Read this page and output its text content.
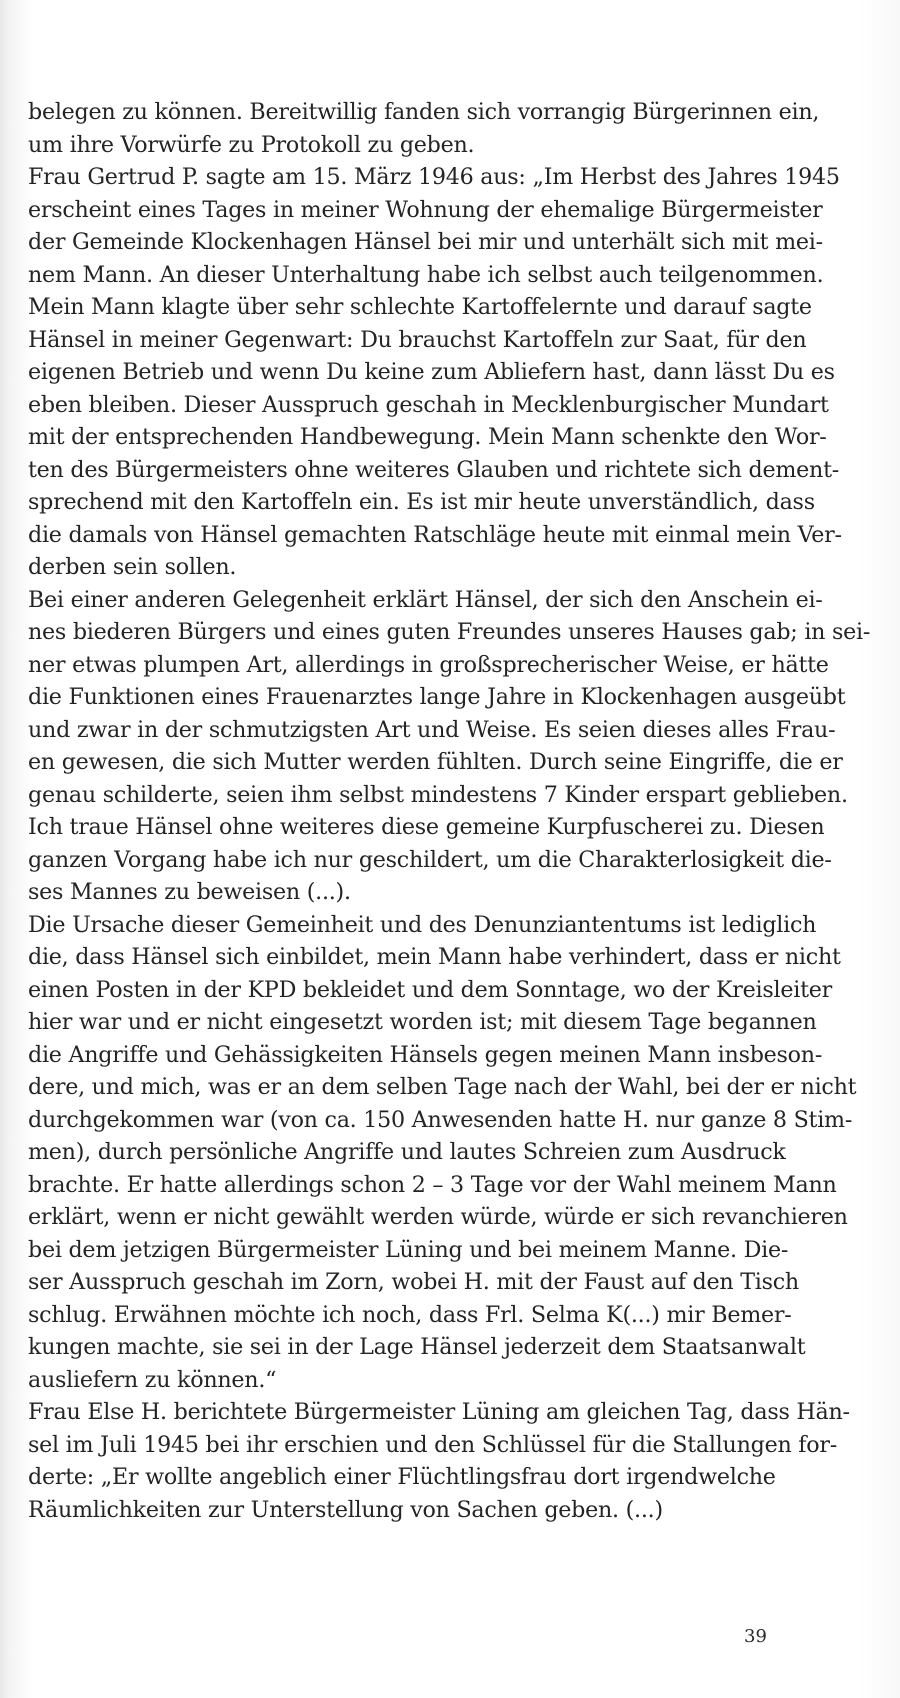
belegen zu können. Bereitwillig fanden sich vorrangig Bürgerinnen ein,
um ihre Vorwürfe zu Protokoll zu geben.
Frau Gertrud P. sagte am 15. März 1946 aus: „Im Herbst des Jahres 1945
erscheint eines Tages in meiner Wohnung der ehemalige Bürgermeister
der Gemeinde Klockenhagen Hänsel bei mir und unterhält sich mit mei-
nem Mann. An dieser Unterhaltung habe ich selbst auch teilgenommen.
Mein Mann klagte über sehr schlechte Kartoffelernte und darauf sagte
Hänsel in meiner Gegenwart: Du brauchst Kartoffeln zur Saat, für den
eigenen Betrieb und wenn Du keine zum Abliefern hast, dann lässt Du es
eben bleiben. Dieser Ausspruch geschah in Mecklenburgischer Mundart
mit der entsprechenden Handbewegung. Mein Mann schenkte den Wor-
ten des Bürgermeisters ohne weiteres Glauben und richtete sich dement-
sprechend mit den Kartoffeln ein. Es ist mir heute unverständlich, dass
die damals von Hänsel gemachten Ratschläge heute mit einmal mein Ver-
derben sein sollen.
Bei einer anderen Gelegenheit erklärt Hänsel, der sich den Anschein ei-
nes biederen Bürgers und eines guten Freundes unseres Hauses gab; in sei-
ner etwas plumpen Art, allerdings in großsprecherischer Weise, er hätte
die Funktionen eines Frauenarztes lange Jahre in Klockenhagen ausgeübt
und zwar in der schmutzigsten Art und Weise. Es seien dieses alles Frau-
en gewesen, die sich Mutter werden fühlten. Durch seine Eingriffe, die er
genau schilderte, seien ihm selbst mindestens 7 Kinder erspart geblieben.
Ich traue Hänsel ohne weiteres diese gemeine Kurpfuscherei zu. Diesen
ganzen Vorgang habe ich nur geschildert, um die Charakterlosigkeit die-
ses Mannes zu beweisen (...).
Die Ursache dieser Gemeinheit und des Denunziantentums ist lediglich
die, dass Hänsel sich einbildet, mein Mann habe verhindert, dass er nicht
einen Posten in der KPD bekleidet und dem Sonntage, wo der Kreisleiter
hier war und er nicht eingesetzt worden ist; mit diesem Tage begannen
die Angriffe und Gehässigkeiten Hänsels gegen meinen Mann insbeson-
dere, und mich, was er an dem selben Tage nach der Wahl, bei der er nicht
durchgekommen war (von ca. 150 Anwesenden hatte H. nur ganze 8 Stim-
men), durch persönliche Angriffe und lautes Schreien zum Ausdruck
brachte. Er hatte allerdings schon 2 – 3 Tage vor der Wahl meinem Mann
erklärt, wenn er nicht gewählt werden würde, würde er sich revanchieren
bei dem jetzigen Bürgermeister Lüning und bei meinem Manne. Die-
ser Ausspruch geschah im Zorn, wobei H. mit der Faust auf den Tisch
schlug. Erwähnen möchte ich noch, dass Frl. Selma K(...) mir Bemer-
kungen machte, sie sei in der Lage Hänsel jederzeit dem Staatsanwalt
ausliefern zu können.“
Frau Else H. berichtete Bürgermeister Lüning am gleichen Tag, dass Hän-
sel im Juli 1945 bei ihr erschien und den Schlüssel für die Stallungen for-
derte: „Er wollte angeblich einer Flüchtlingsfrau dort irgendwelche
Räumlichkeiten zur Unterstellung von Sachen geben. (...)
39
